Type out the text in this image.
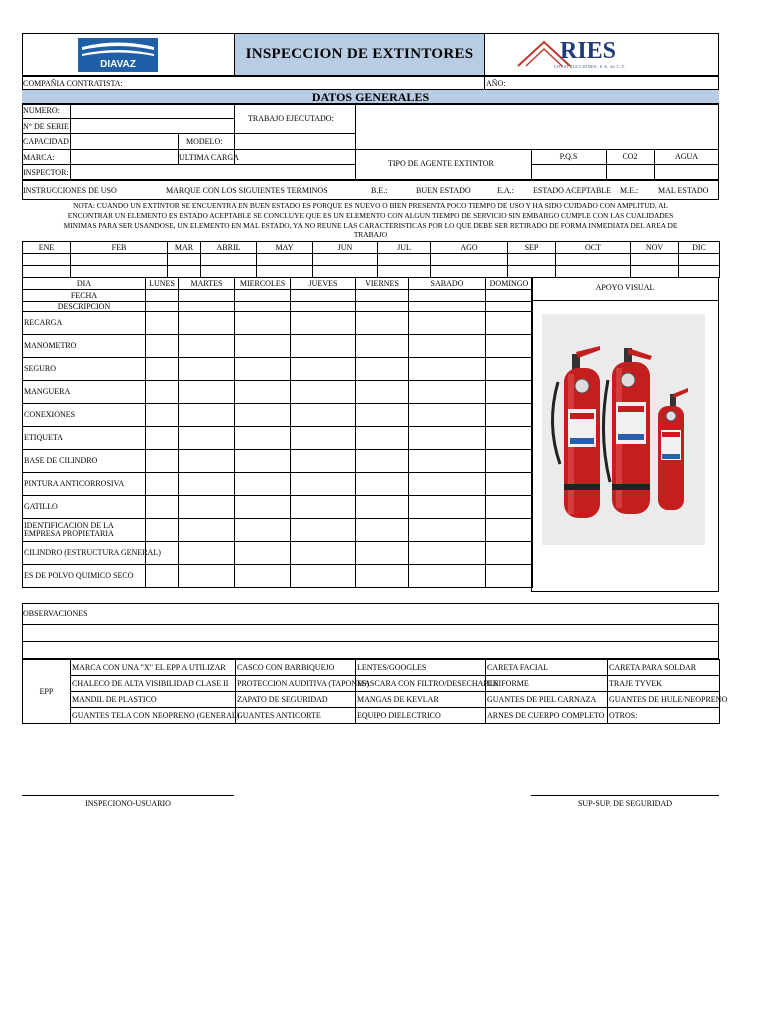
INSPECCION DE EXTINTORES
DIAVAZ
RIES
CONSTRUCCIONES, S.A. de C.V.
COMPAÑIA CONTRATISTA:	AÑO:
DATOS GENERALES
NUMERO:
N° DE SERIE
CAPACIDAD	MODELO:
MARCA:	ULTIMA CARGA
INSPECTOR:
TRABAJO EJECUTADO:
TIPO DE AGENTE EXTINTOR
P.Q.S	CO2	AGUA
INSTRUCCIONES DE USO	MARQUE CON LOS SIGUIENTES TERMINOS	B.E.:	BUEN ESTADO	E.A.:	ESTADO ACEPTABLE M.E.:	MAL ESTADO
NOTA: CUANDO UN EXTINTOR SE ENCUENTRA EN BUEN ESTADO ES PORQUE ES NUEVO O BIEN PRESENTA POCO TIEMPO DE USO Y HA SIDO CUIDADO CON AMPLITUD, AL
ENCONTRAR UN ELEMENTO ES ESTADO ACEPTABLE SE CONCLUYE QUE ES UN ELEMENTO CON ALGUN TIEMPO DE SERVICIO SIN EMBARGO CUMPLE CON LAS CUALIDADES
MINIMAS PARA SER USANDOSE, UN ELEMENTO EN MAL ESTADO, YA NO REUNE LAS CARACTERISTICAS POR LO QUE DEBE SER RETIRADO DE FORMA INMEDIATA DEL AREA DE
TRABAJO
ENE	FEB	MAR	ABRIL	MAY	JUN	JUL	AGO	SEP	OCT	NOV	DIC

DIA	LUNES	MARTES	MIERCOLES	JUEVES	VIERNES	SABADO	DOMINGO
FECHA							
DESCRIPCION							
RECARGA							
MANOMETRO							
SEGURO							
MANGUERA							
CONEXIONES							
ETIQUETA							
BASE DE CILINDRO							
PINTURA ANTICORROSIVA							
GATILLO							
IDENTIFICACION DE LA EMPRESA PROPIETARIA							
CILINDRO (ESTRUCTURA GENERAL)							
ES DE POLVO QUIMICO SECO							
APOYO VISUAL
OBSERVACIONES
EPP	MARCA CON UNA "X" EL EPP A UTILIZAR	CASCO CON BARBIQUEJO	LENTES/GOOGLES	CARETA FACIAL	CARETA PARA SOLDAR
	CHALECO DE ALTA VISIBILIDAD CLASE II	PROTECCION AUDITIVA (TAPONES)	MASCARA CON FILTRO/DESECHABLE	UNIFORME	TRAJE TYVEK
	MANDIL DE PLASTICO	ZAPATO DE SEGURIDAD	MANGAS DE KEVLAR	GUANTES DE PIEL CARNAZA	GUANTES DE HULE/NEOPRENO
	GUANTES TELA CON NEOPRENO (GENERAL)	GUANTES ANTICORTE	EQUIPO DIELECTRICO	ARNES DE CUERPO COMPLETO	OTROS:
INSPECIONO-USUARIO	SUP-SUP. DE SEGURIDAD
